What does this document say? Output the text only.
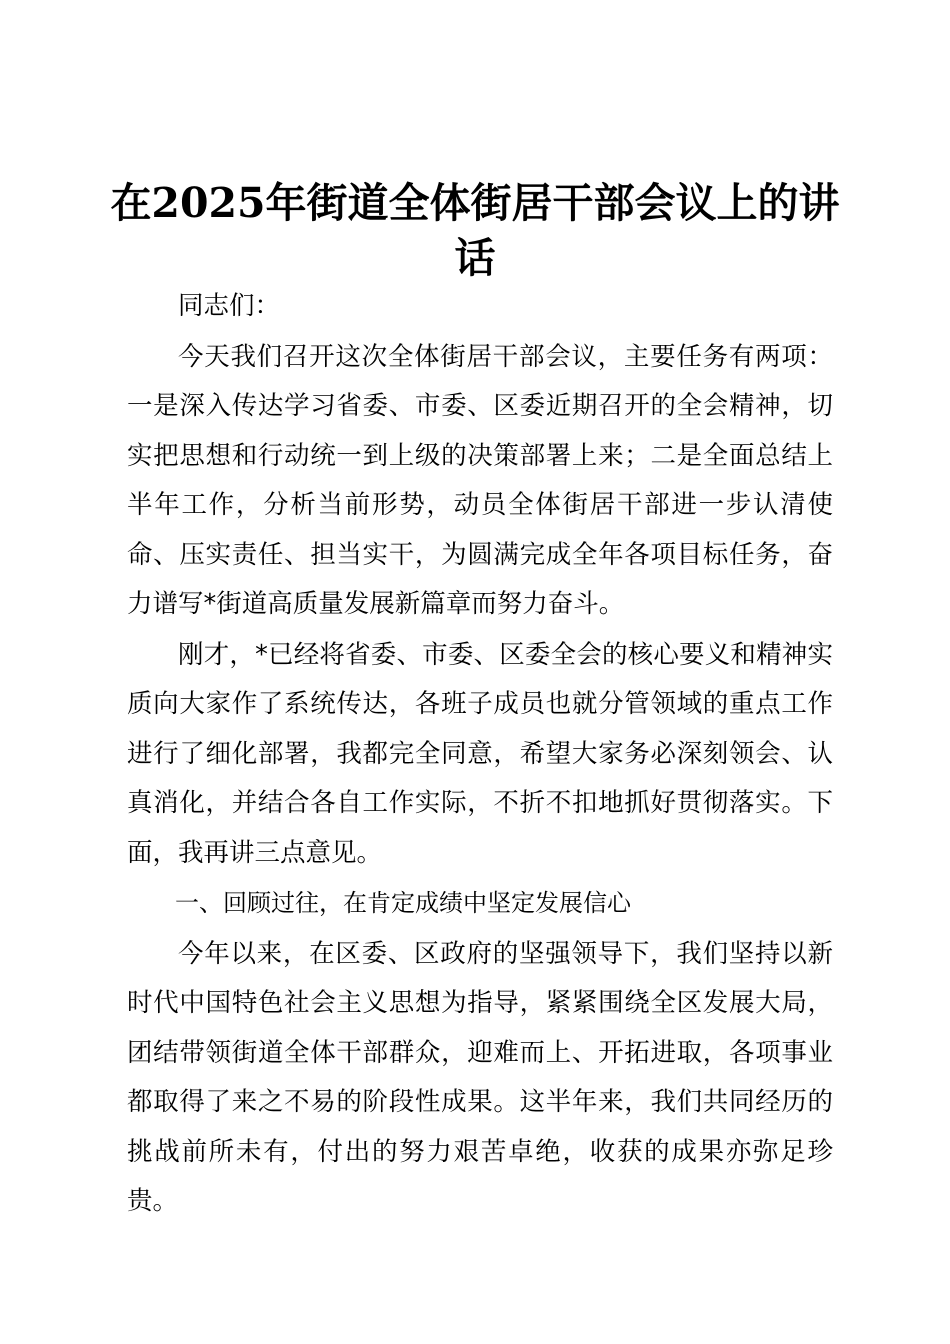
在2025年街道全体街居干部会议上的讲话

同志们：

今天我们召开这次全体街居干部会议，主要任务有两项：一是深入传达学习省委、市委、区委近期召开的全会精神，切实把思想和行动统一到上级的决策部署上来；二是全面总结上半年工作，分析当前形势，动员全体街居干部进一步认清使命、压实责任、担当实干，为圆满完成全年各项目标任务，奋力谱写*街道高质量发展新篇章而努力奋斗。

刚才，*已经将省委、市委、区委全会的核心要义和精神实质向大家作了系统传达，各班子成员也就分管领域的重点工作进行了细化部署，我都完全同意，希望大家务必深刻领会、认真消化，并结合各自工作实际，不折不扣地抓好贯彻落实。下面，我再讲三点意见。

一、回顾过往，在肯定成绩中坚定发展信心

今年以来，在区委、区政府的坚强领导下，我们坚持以新时代中国特色社会主义思想为指导，紧紧围绕全区发展大局，团结带领街道全体干部群众，迎难而上、开拓进取，各项事业都取得了来之不易的阶段性成果。这半年来，我们共同经历的挑战前所未有，付出的努力艰苦卓绝，收获的成果亦弥足珍贵。
